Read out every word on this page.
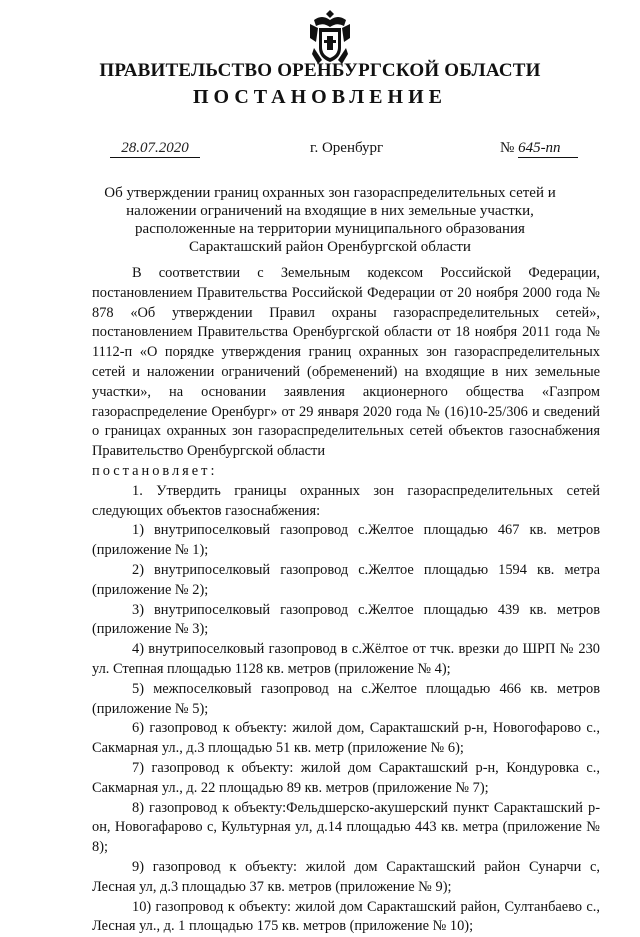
ПРАВИТЕЛЬСТВО ОРЕНБУРГСКОЙ ОБЛАСТИ
ПОСТАНОВЛЕНИЕ
28.07.2020	г. Оренбург	№ 645-пп
Об утверждении границ охранных зон газораспределительных сетей и
наложении ограничений на входящие в них земельные участки,
расположенные на территории муниципального образования
Саракташский район Оренбургской области

В соответствии с Земельным кодексом Российской Федерации, постановлением Правительства Российской Федерации от 20 ноября 2000 года № 878 «Об утверждении Правил охраны газораспределительных сетей», постановлением Правительства Оренбургской области от 18 ноября 2011 года № 1112-п «О порядке утверждения границ охранных зон газораспределительных сетей и наложении ограничений (обременений) на входящие в них земельные участки», на основании заявления акционерного общества «Газпром газораспределение Оренбург» от 29 января 2020 года № (16)10-25/306 и сведений о границах охранных зон газораспределительных сетей объектов газоснабжения Правительство Оренбургской области

постановляет:

1. Утвердить границы охранных зон газораспределительных сетей следующих объектов газоснабжения:

1) внутрипоселковый газопровод с.Желтое площадью 467 кв. метров (приложение № 1);

2) внутрипоселковый газопровод с.Желтое площадью 1594 кв. метра (приложение № 2);

3) внутрипоселковый газопровод с.Желтое площадью 439 кв. метров (приложение № 3);

4) внутрипоселковый газопровод в с.Жёлтое от тчк. врезки до ШРП № 230 ул. Степная площадью 1128 кв. метров (приложение № 4);

5) межпоселковый газопровод на с.Желтое площадью 466 кв. метров (приложение № 5);

6) газопровод к объекту: жилой дом, Саракташский р-н, Новогофарово с., Сакмарная ул., д.3 площадью 51 кв. метр (приложение № 6);

7) газопровод к объекту: жилой дом Саракташский р-н, Кондуровка с., Сакмарная ул., д. 22 площадью 89 кв. метров (приложение № 7);

8) газопровод к объекту:Фельдшерско-акушерский пункт Саракташский р-он, Новогафарово с, Культурная ул, д.14 площадью 443 кв. метра (приложение № 8);

9) газопровод к объекту: жилой дом Саракташский район Сунарчи с, Лесная ул, д.3 площадью 37 кв. метров (приложение № 9);

10) газопровод к объекту: жилой дом Саракташский район, Султанбаево с., Лесная ул., д. 1 площадью 175 кв. метров (приложение № 10);
